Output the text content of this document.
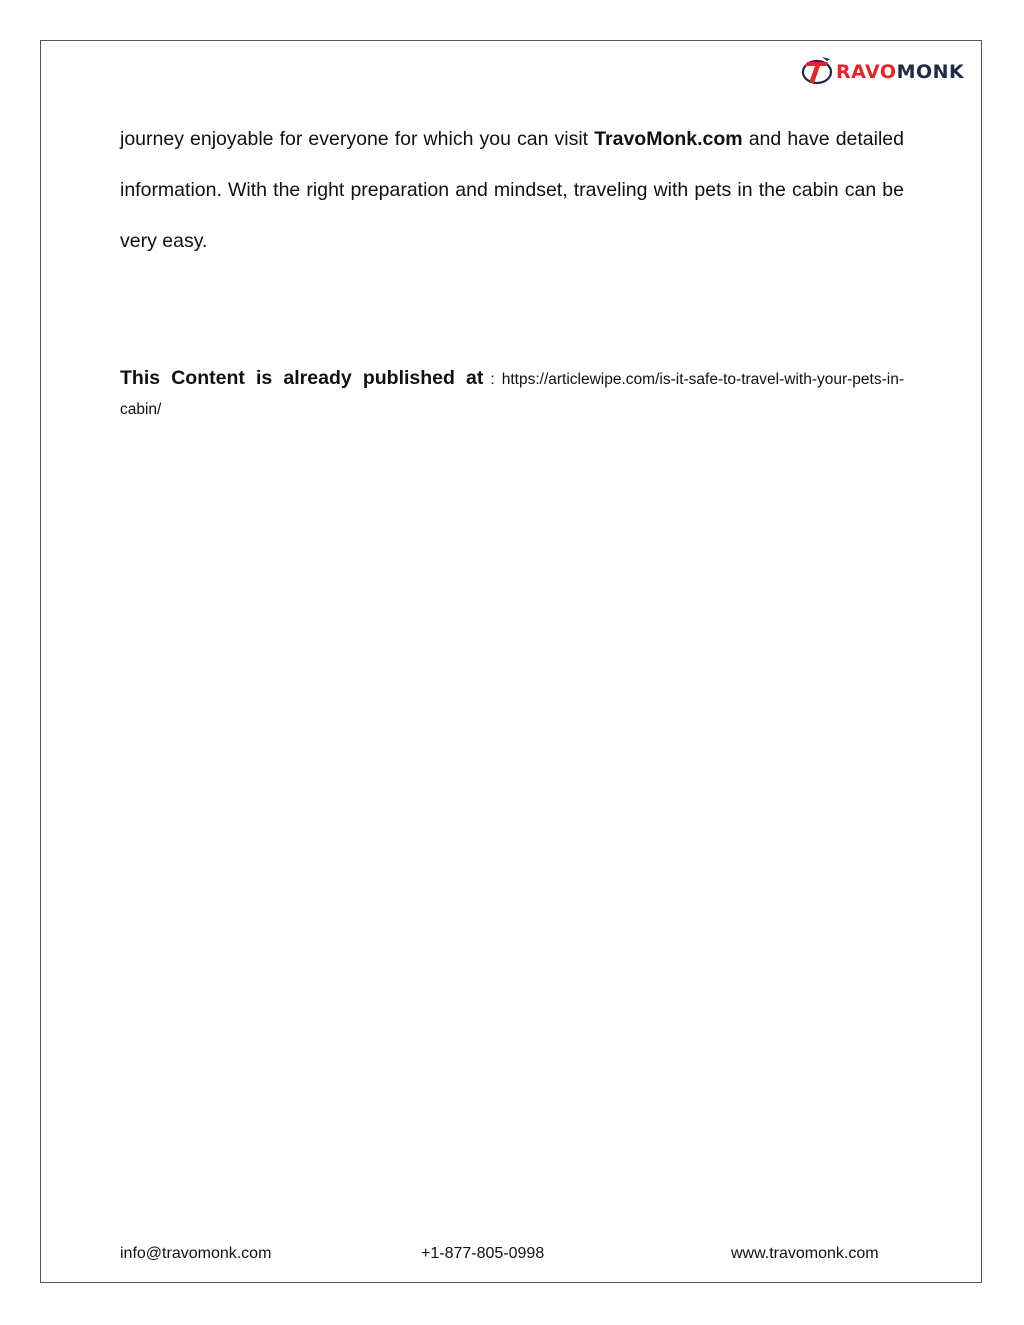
RAVOMONK
journey enjoyable for everyone for which you can visit TravoMonk.com and have detailed information. With the right preparation and mindset, traveling with pets in the cabin can be very easy.
This Content is already published at : https://articlewipe.com/is-it-safe-to-travel-with-your-pets-in-cabin/
info@travomonk.com	+1-877-805-0998	www.travomonk.com
